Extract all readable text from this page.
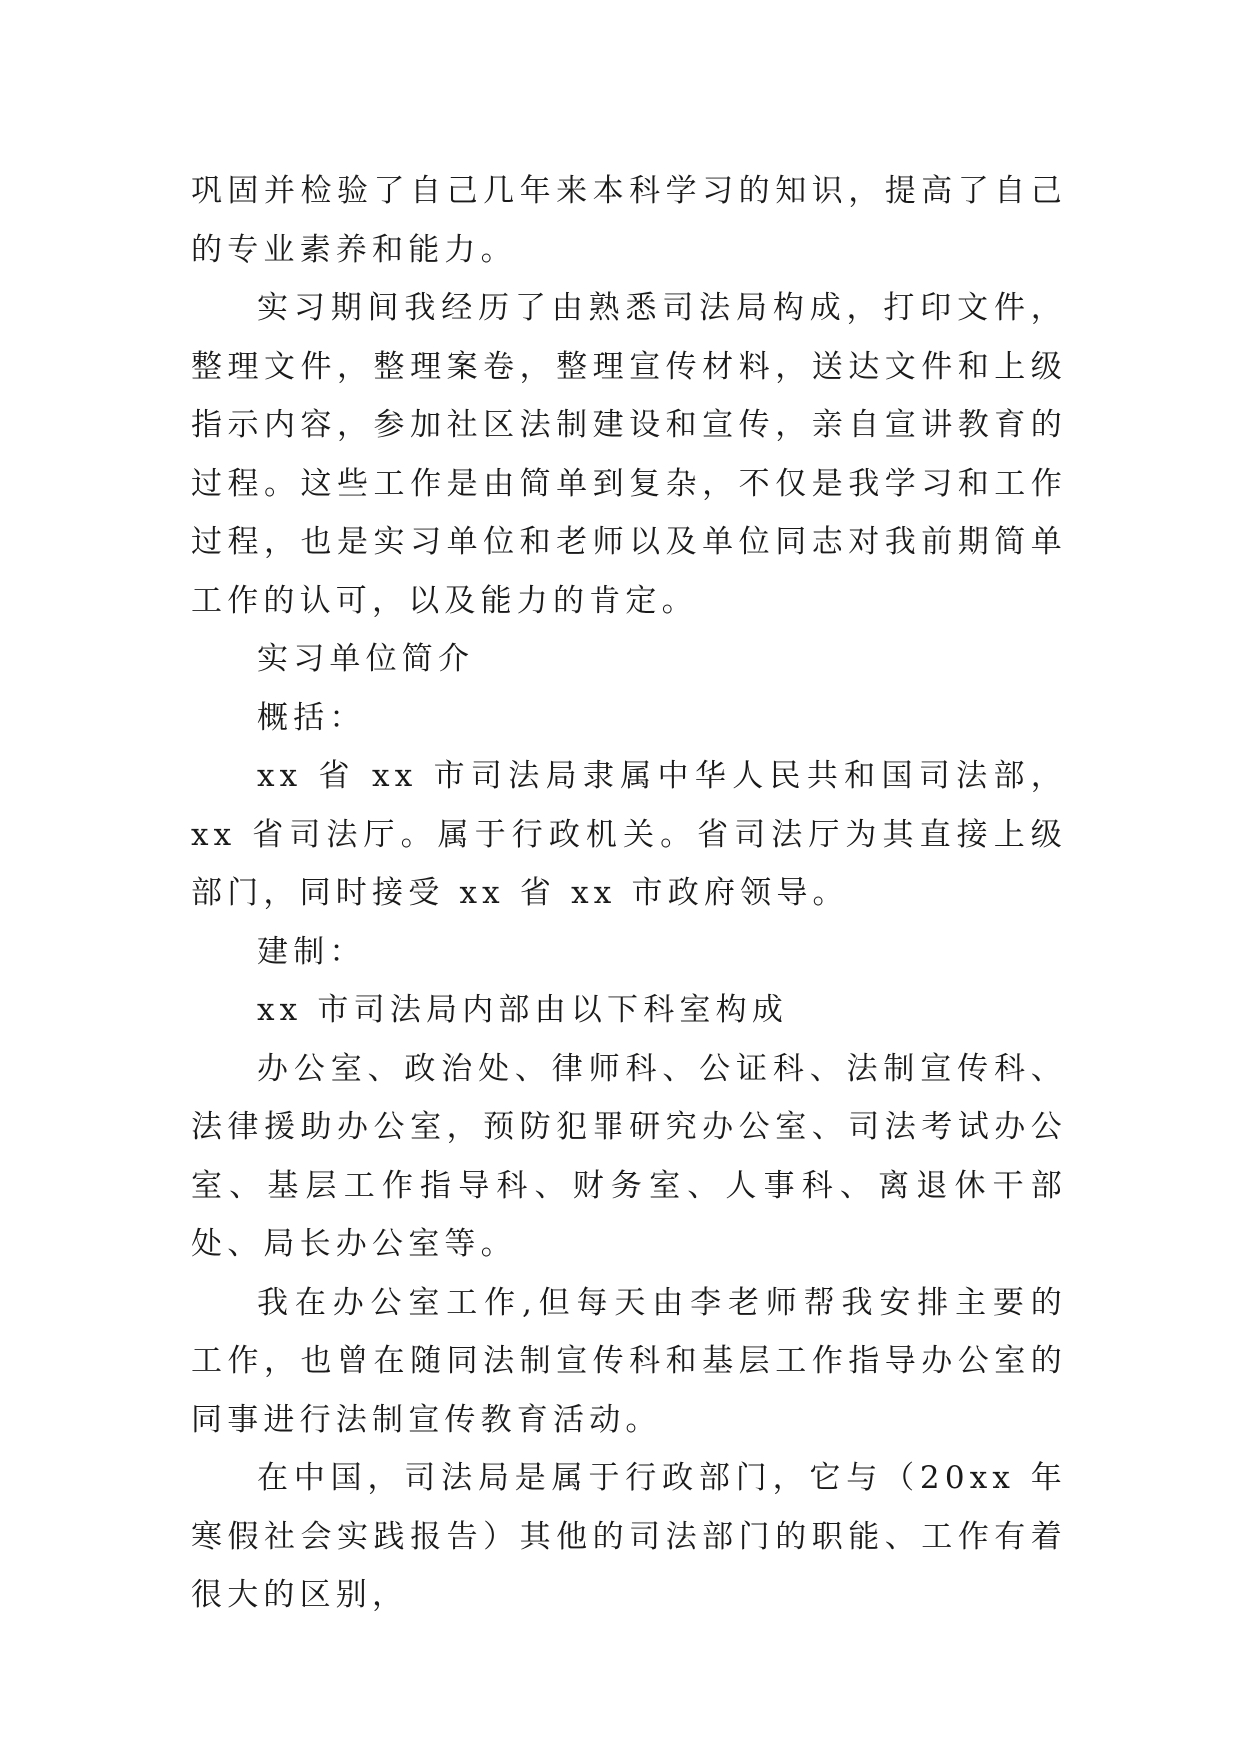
巩固并检验了自己几年来本科学习的知识，提高了自己的专业素养和能力。

实习期间我经历了由熟悉司法局构成，打印文件，整理文件，整理案卷，整理宣传材料，送达文件和上级指示内容，参加社区法制建设和宣传，亲自宣讲教育的过程。这些工作是由简单到复杂，不仅是我学习和工作过程，也是实习单位和老师以及单位同志对我前期简单工作的认可，以及能力的肯定。

实习单位简介

概括：

xx 省 xx 市司法局隶属中华人民共和国司法部，xx 省司法厅。属于行政机关。省司法厅为其直接上级部门，同时接受 xx 省 xx 市政府领导。

建制：

xx 市司法局内部由以下科室构成

办公室、政治处、律师科、公证科、法制宣传科、法律援助办公室，预防犯罪研究办公室、司法考试办公室、基层工作指导科、财务室、人事科、离退休干部处、局长办公室等。

我在办公室工作,但每天由李老师帮我安排主要的工作，也曾在随同法制宣传科和基层工作指导办公室的同事进行法制宣传教育活动。

在中国，司法局是属于行政部门，它与（20xx 年寒假社会实践报告）其他的司法部门的职能、工作有着很大的区别，
